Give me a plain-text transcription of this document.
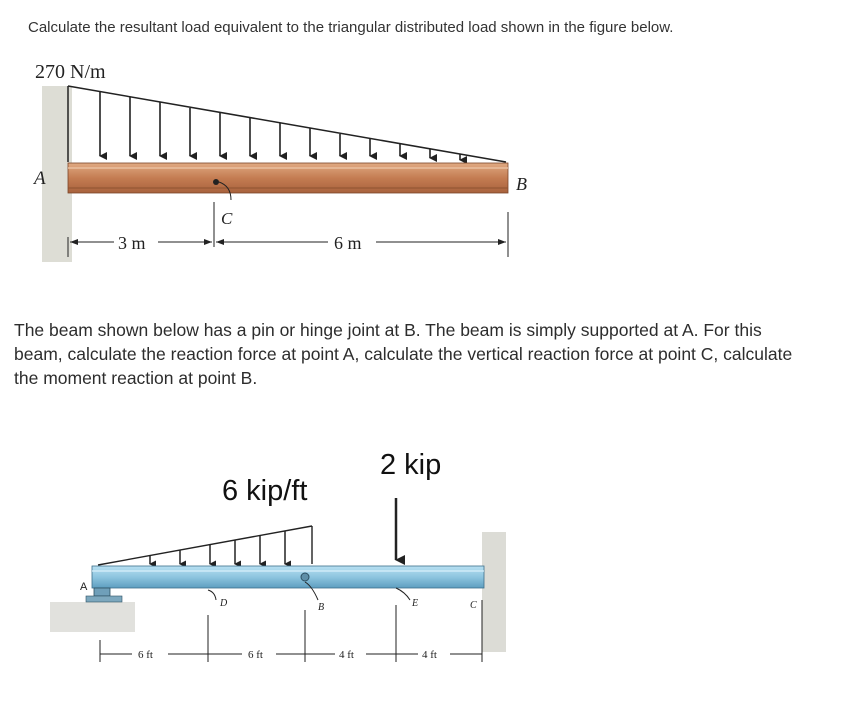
Calculate the resultant load equivalent to the triangular distributed load shown in the figure below.

270 N/m
A	B
C
3 m	6 m

The beam shown below has a pin or hinge joint at B. The beam is simply supported at A. For this beam, calculate the reaction force at point A, calculate the vertical reaction force at point C, calculate the moment reaction at point B.

6 kip/ft
2 kip
A
D	B	E	C
6 ft	6 ft	4 ft	4 ft
